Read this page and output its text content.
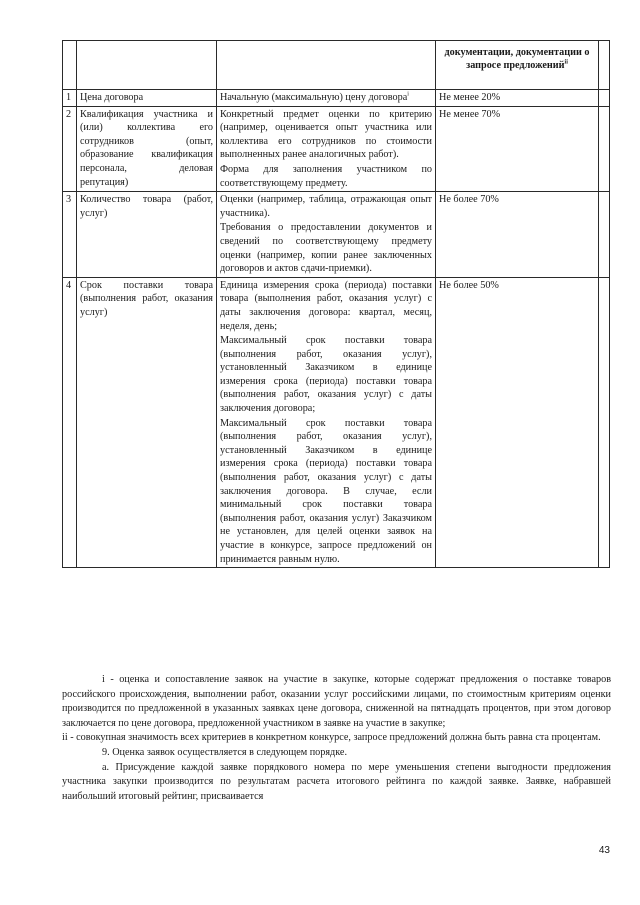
			документации, документации о запросе предложений$^{ii}$

1	Цена договора	Начальную (максимальную) цену договора$^i$	Не менее 20%	
2	Квалификация участника и (или) коллектива его сотрудников (опыт, образование квалификация персонала, деловая репутация)	Конкретный предмет оценки по критерию (например, оценивается опыт участника или коллектива его сотрудников по стоимости выполненных ранее аналогичных работ).

Форма для заполнения участником по соответствующему предмету.	Не менее 70%	
3	Количество товара (работ, услуг)	Оценки (например, таблица, отражающая опыт участника).

Требования о предоставлении документов и сведений по соответствующему предмету оценки (например, копии ранее заключенных договоров и актов сдачи-приемки).	Не более 70%	
4	Срок поставки товара (выполнения работ, оказания услуг)	Единица измерения срока (периода) поставки товара (выполнения работ, оказания услуг) с даты заключения договора: квартал, месяц, неделя, день;

Максимальный срок поставки товара (выполнения работ, оказания услуг), установленный Заказчиком в единице измерения срока (периода) поставки товара (выполнения работ, оказания услуг) с даты заключения договора;

Максимальный срок поставки товара (выполнения работ, оказания услуг), установленный Заказчиком в единице измерения срока (периода) поставки товара (выполнения работ, оказания услуг) с даты заключения договора. В случае, если минимальный срок поставки товара (выполнения работ, оказания услуг) Заказчиком не установлен, для целей оценки заявок на участие в конкурсе, запросе предложений он принимается равным нулю.	Не более 50%	

i - оценка и сопоставление заявок на участие в закупке, которые содержат предложения о поставке товаров российского происхождения, выполнении работ, оказании услуг российскими лицами, по стоимостным критериям оценки производится по предложенной в указанных заявках цене договора, сниженной на пятнадцать процентов, при этом договор заключается по цене договора, предложенной участником в заявке на участие в закупке;

ii - совокупная значимость всех критериев в конкретном конкурсе, запросе предложений должна быть равна ста процентам.

9. Оценка заявок осуществляется в следующем порядке.

а. Присуждение каждой заявке порядкового номера по мере уменьшения степени выгодности предложения участника закупки производится по результатам расчета итогового рейтинга по каждой заявке. Заявке, набравшей наибольший итоговый рейтинг, присваивается

43
